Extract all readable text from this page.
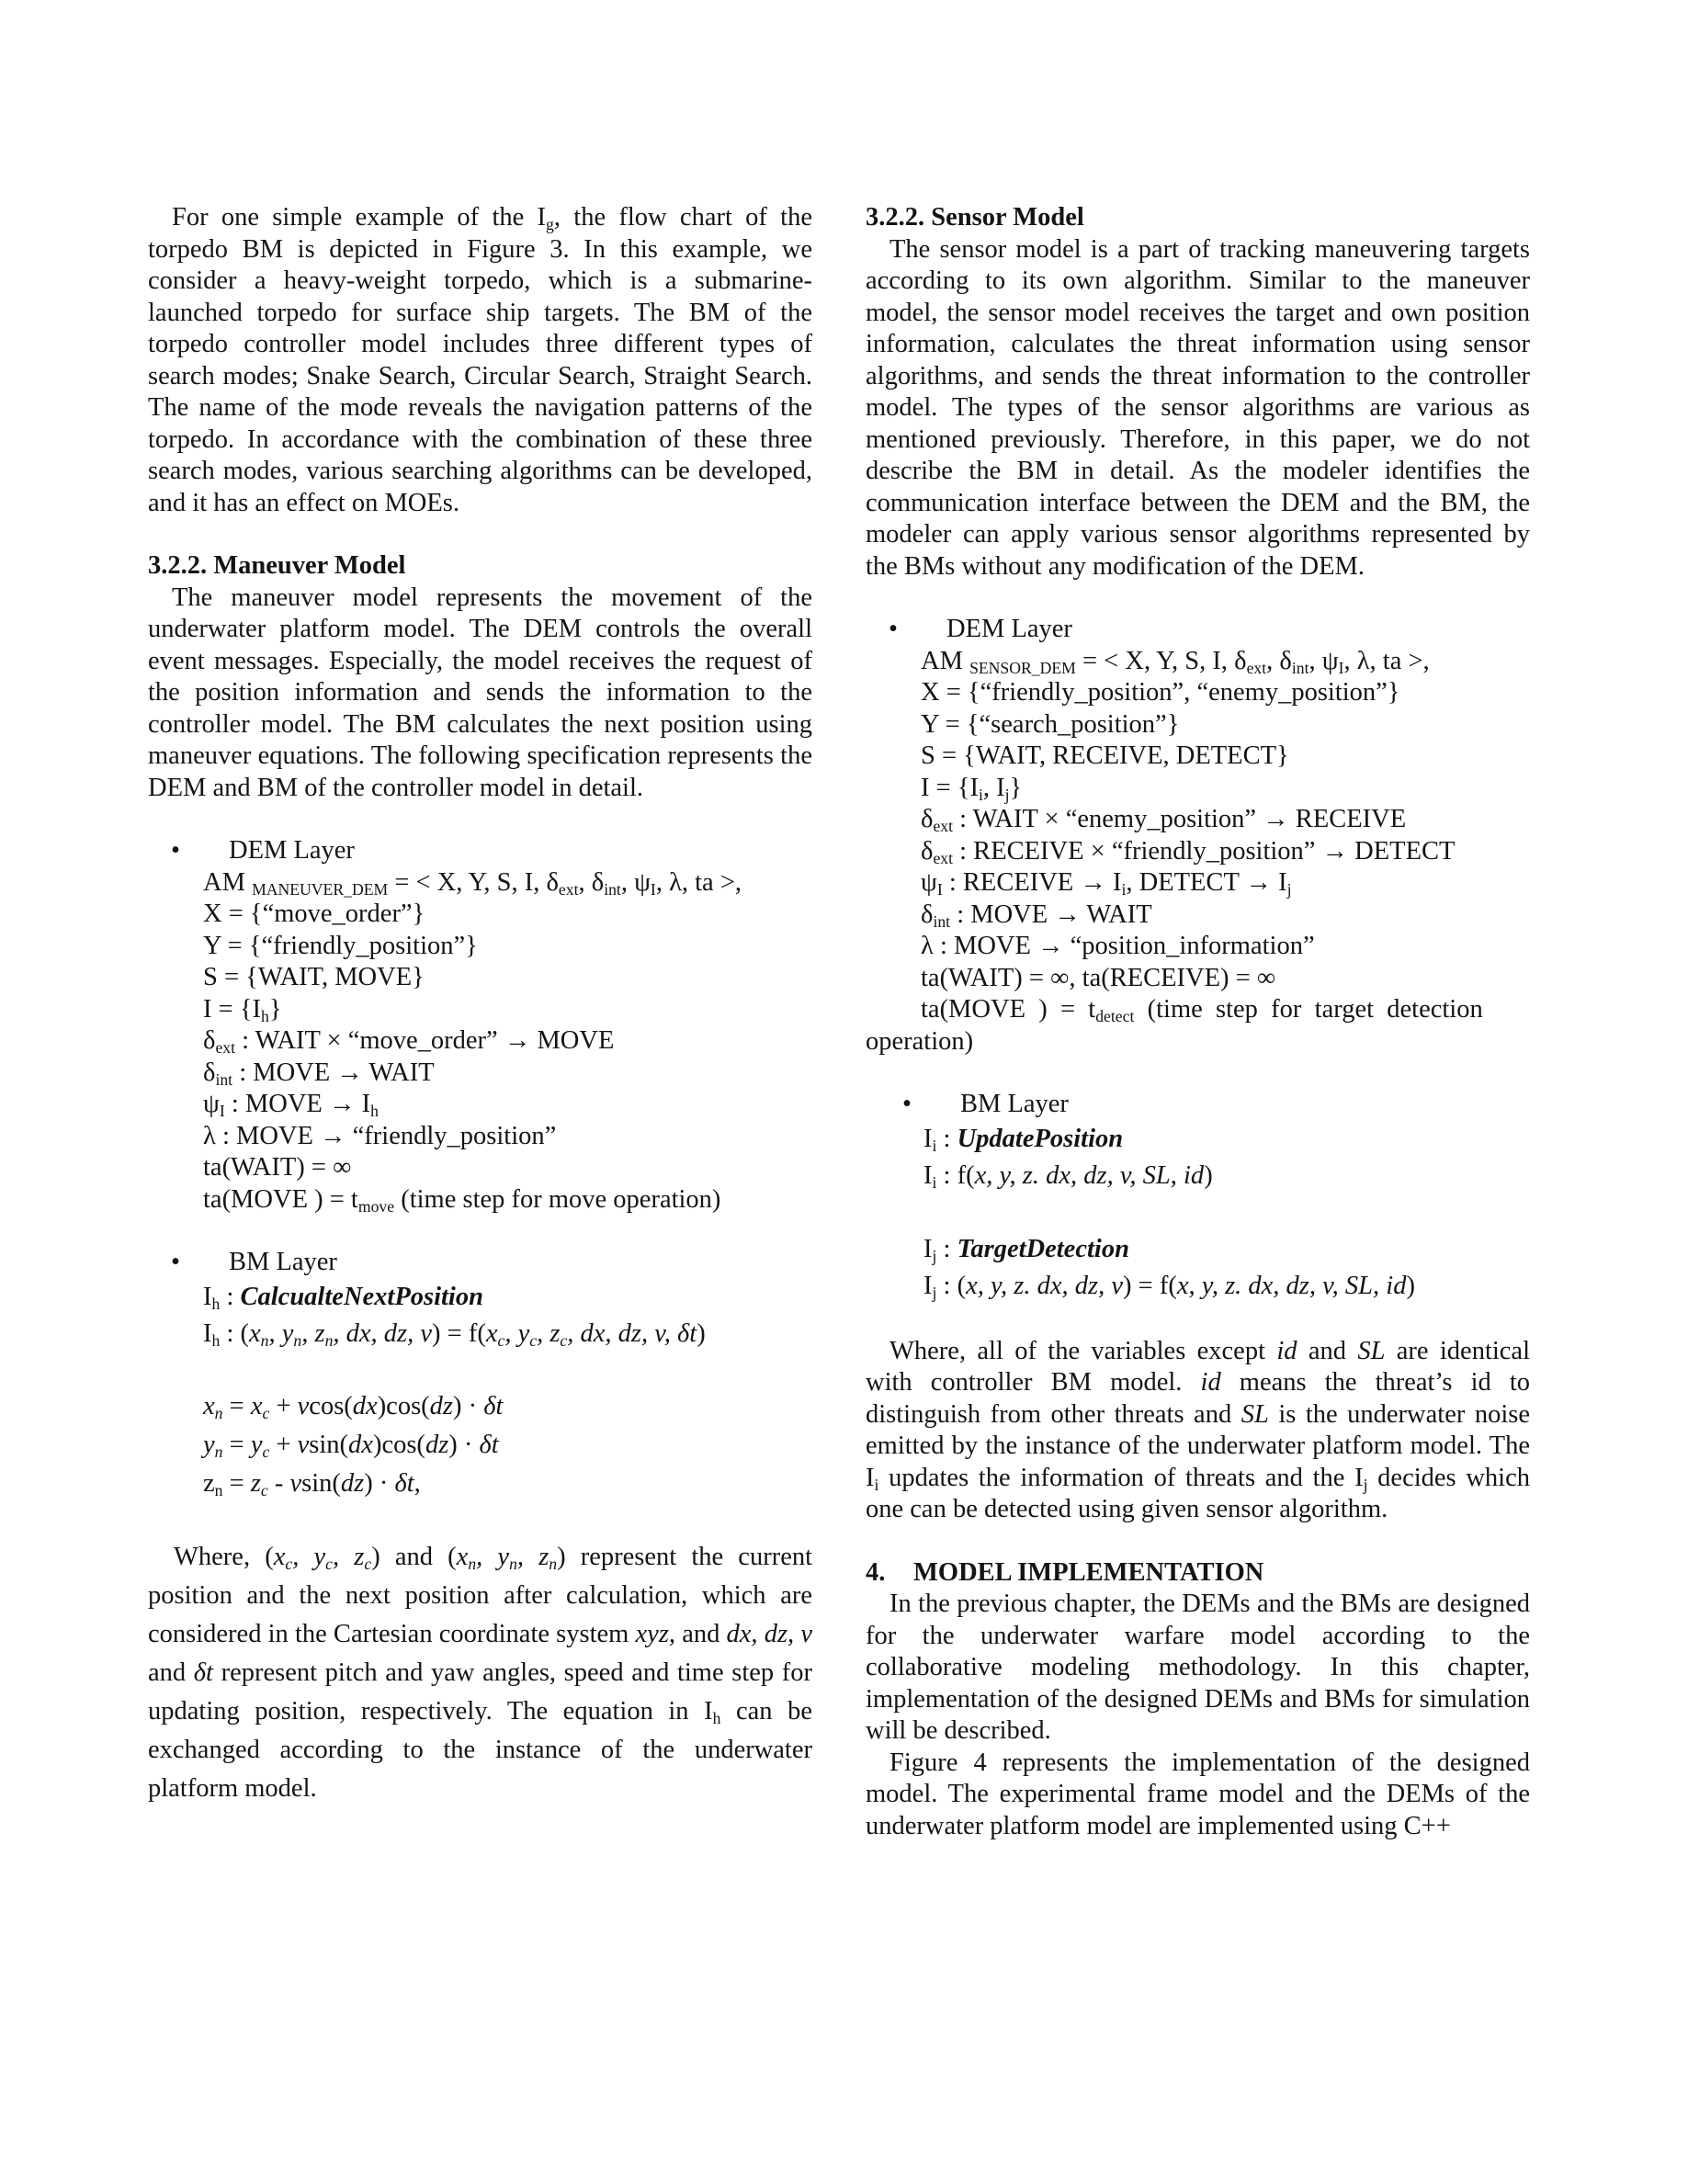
For one simple example of the $I_g$, the flow chart of the torpedo BM is depicted in Figure 3. In this example, we consider a heavy-weight torpedo, which is a submarine-launched torpedo for surface ship targets. The BM of the torpedo controller model includes three different types of search modes; Snake Search, Circular Search, Straight Search. The name of the mode reveals the navigation patterns of the torpedo. In accordance with the combination of these three search modes, various searching algorithms can be developed, and it has an effect on MOEs.

3.2.2. Maneuver Model

The maneuver model represents the movement of the underwater platform model. The DEM controls the overall event messages. Especially, the model receives the request of the position information and sends the information to the controller model. The BM calculates the next position using maneuver equations. The following specification represents the DEM and BM of the controller model in detail.

• DEM Layer

AM $_{MANEUVER\_DEM}$ = < X, Y, S, I, $\delta_{ext}$, $\delta_{int}$, $\psi_I$, λ, ta >,
X = {“move_order”}
Y = {“friendly_position”}
S = {WAIT, MOVE}
$I = \{I_h\}$
$\delta_{ext}$ : WAIT × “move_order” → MOVE
$\delta_{int}$ : MOVE → WAIT
$\psi_I$ : MOVE → $I_h$
λ : MOVE → “friendly_position”
ta(WAIT) = ∞
ta(MOVE ) = $t_{move}$ (time step for move operation)

• BM Layer

$I_h$ : CalcualteNextPosition
$I_h$ : ($x_n$, $y_n$, $z_n$, dx, dz, $v) = f(x_c$, $y_c$, $z_c$, dx, dz, v, δt)
$x_n = x_c + vcos(dx)\cos(dz) \cdot \delta t$
$y_n = y_c + vsin(dx)\cos(dz) \cdot \delta t$
$z_n = z_c - vsin(dz) \cdot \delta t$,

Where, ($x_c$, $y_c$, $z_c$) and ($x_n$, $y_n$, $z_n$) represent the current position and the next position after calculation, which are considered in the Cartesian coordinate system xyz, and dx, dz, v and δt represent pitch and yaw angles, speed and time step for updating position, respectively. The equation in $I_h$ can be exchanged according to the instance of the underwater platform model.

3.2.2. Sensor Model

The sensor model is a part of tracking maneuvering targets according to its own algorithm. Similar to the maneuver model, the sensor model receives the target and own position information, calculates the threat information using sensor algorithms, and sends the threat information to the controller model. The types of the sensor algorithms are various as mentioned previously. Therefore, in this paper, we do not describe the BM in detail. As the modeler identifies the communication interface between the DEM and the BM, the modeler can apply various sensor algorithms represented by the BMs without any modification of the DEM.

• DEM Layer

AM $_{SENSOR\_DEM}$ = < X, Y, S, I, $\delta_{ext}$, $\delta_{int}$, $\psi_I$, λ, ta >,
X = {“friendly_position”, “enemy_position”}
Y = {“search_position”}
S = {WAIT, RECEIVE, DETECT}
$I = \{I_i$, $I_j$}
$\delta_{ext}$ : WAIT × “enemy_position” → RECEIVE
$\delta_{ext}$ : RECEIVE × “friendly_position” → DETECT
$\psi_I$ : RECEIVE → $I_i$, DETECT → $I_j$
$\delta_{int}$ : MOVE → WAIT
λ : MOVE → “position_information”
ta(WAIT) = ∞, ta(RECEIVE) = ∞
ta(MOVE  )  =  $t_{detect}$  (time  step  for  target  detection

operation)

• BM Layer

$I_i$ : UpdatePosition
$I_i$ : f(x, y, z. dx, dz, v, SL, id)
$I_j$ : TargetDetection
$I_j$ : (x, y, z. dx, dz, v) = f(x, y, z. dx, dz, v, SL, id)

Where, all of the variables except id and SL are identical with controller BM model. id means the threat’s id to distinguish from other threats and SL is the underwater noise emitted by the instance of the underwater platform model. The $I_i$ updates the information of threats and the $I_j$ decides which one can be detected using given sensor algorithm.

4. MODEL IMPLEMENTATION

In the previous chapter, the DEMs and the BMs are designed for the underwater warfare model according to the collaborative modeling methodology. In this chapter, implementation of the designed DEMs and BMs for simulation will be described.

Figure 4 represents the implementation of the designed model. The experimental frame model and the DEMs of the underwater platform model are implemented using C++
